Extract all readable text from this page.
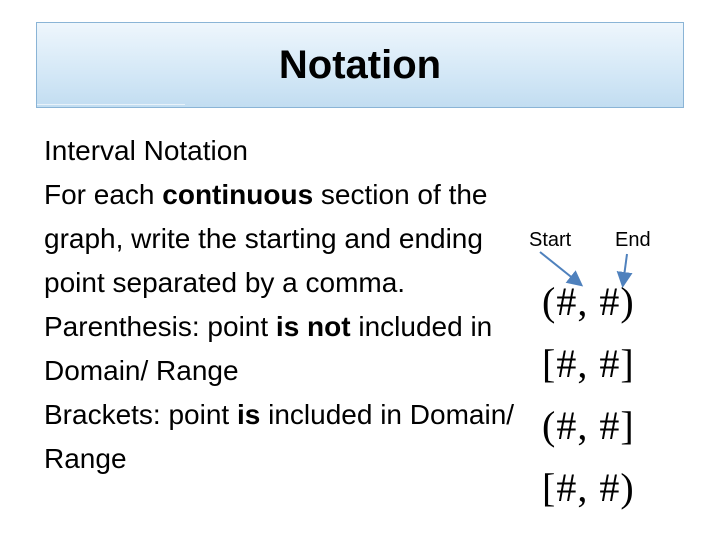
Notation
Interval Notation
For each continuous section of the
graph, write the starting and ending
point separated by a comma.
Parenthesis: point is not included in
Domain/ Range
Brackets: point is included in Domain/
Range
Start End
(#, #)
[#, #]
(#, #]
[#, #)
